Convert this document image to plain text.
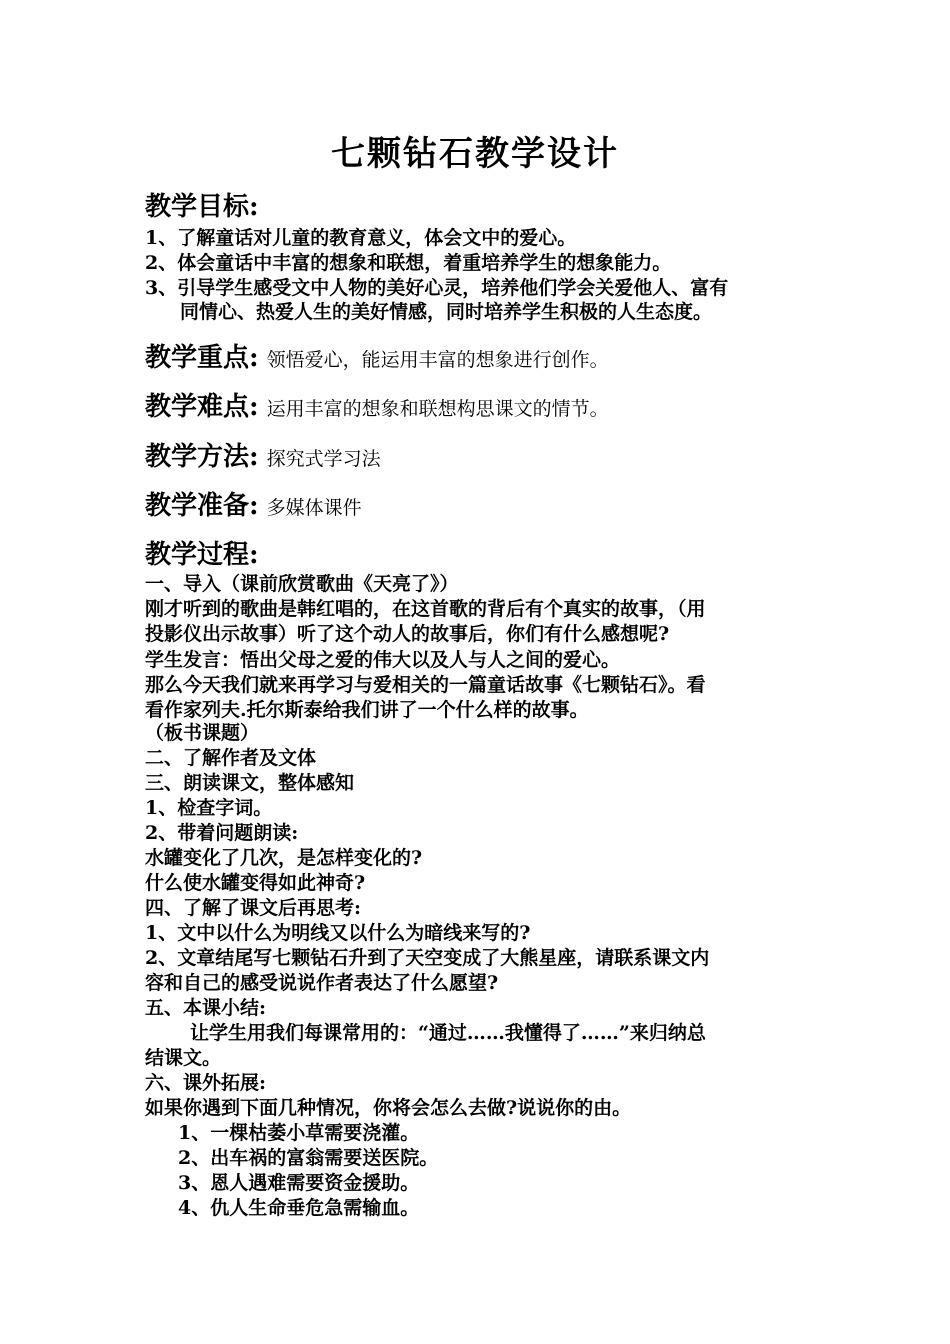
七颗钻石教学设计
教学目标:
1、了解童话对儿童的教育意义，体会文中的爱心。
2、体会童话中丰富的想象和联想，着重培养学生的想象能力。
3、引导学生感受文中人物的美好心灵，培养他们学会关爱他人、富有
同情心、热爱人生的美好情感，同时培养学生积极的人生态度。
教学重点: 领悟爱心，能运用丰富的想象进行创作。
教学难点: 运用丰富的想象和联想构思课文的情节。
教学方法: 探究式学习法
教学准备: 多媒体课件
教学过程:
一、导入（课前欣赏歌曲《天亮了》）
刚才听到的歌曲是韩红唱的，在这首歌的背后有个真实的故事，（用
投影仪出示故事）听了这个动人的故事后，你们有什么感想呢?
学生发言：悟出父母之爱的伟大以及人与人之间的爱心。
那么今天我们就来再学习与爱相关的一篇童话故事《七颗钻石》。看
看作家列夫.托尔斯泰给我们讲了一个什么样的故事。
（板书课题）
二、了解作者及文体
三、朗读课文，整体感知
1、检查字词。
2、带着问题朗读:
水罐变化了几次，是怎样变化的?
什么使水罐变得如此神奇?
四、了解了课文后再思考:
1、文中以什么为明线又以什么为暗线来写的?
2、文章结尾写七颗钻石升到了天空变成了大熊星座，请联系课文内
容和自己的感受说说作者表达了什么愿望?
五、本课小结:
让学生用我们每课常用的：“通过……我懂得了……”来归纳总
结课文。
六、课外拓展:
如果你遇到下面几种情况，你将会怎么去做?说说你的由。
1、一棵枯萎小草需要浇灌。
2、出车祸的富翁需要送医院。
3、恩人遇难需要资金援助。
4、仇人生命垂危急需输血。
